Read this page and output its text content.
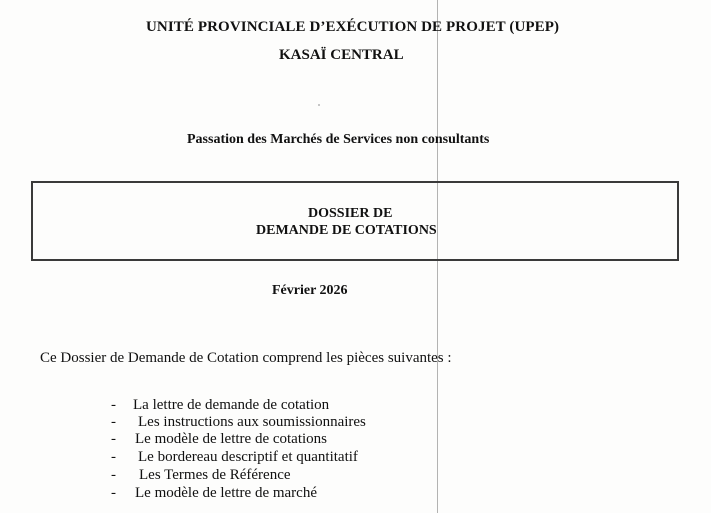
UNITÉ PROVINCIALE D’EXÉCUTION DE PROJET (UPEP)
KASAÏ CENTRAL
Passation des Marchés de Services non consultants
DOSSIER DE
DEMANDE DE COTATIONS
Février 2026
Ce Dossier de Demande de Cotation comprend les pièces suivantes :
- La lettre de demande de cotation
- Les instructions aux soumissionnaires
- Le modèle de lettre de cotations
- Le bordereau descriptif et quantitatif
- Les Termes de Référence
- Le modèle de lettre de marché
